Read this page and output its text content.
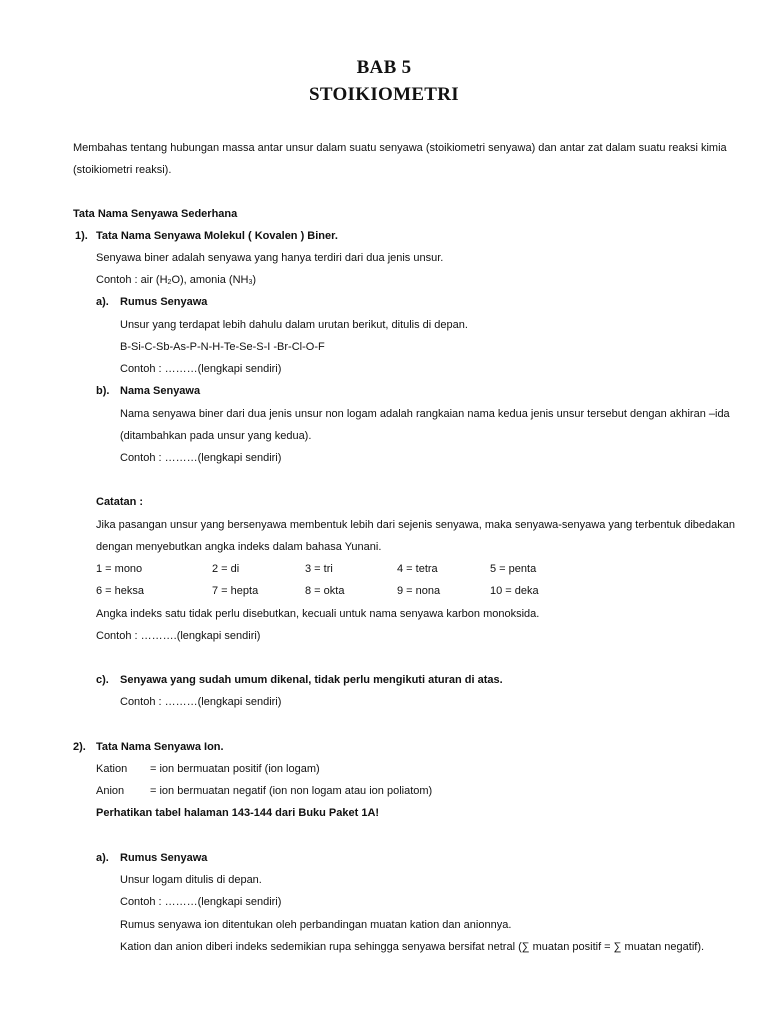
BAB 5
STOIKIOMETRI
Membahas tentang hubungan massa antar unsur dalam suatu senyawa (stoikiometri senyawa) dan antar zat dalam suatu reaksi kimia
(stoikiometri reaksi).
Tata Nama Senyawa Sederhana
1). Tata Nama Senyawa Molekul ( Kovalen ) Biner.
Senyawa biner adalah senyawa yang hanya terdiri dari dua jenis unsur.
Contoh : air $(H_2O)$, amonia $(NH_3)$
a). Rumus Senyawa
Unsur yang terdapat lebih dahulu dalam urutan berikut, ditulis di depan.
B-Si-C-Sb-As-P-N-H-Te-Se-S-I -Br-Cl-O-F
Contoh : ………(lengkapi sendiri)
b). Nama Senyawa
Nama senyawa biner dari dua jenis unsur non logam adalah rangkaian nama kedua jenis unsur tersebut dengan akhiran –ida
(ditambahkan pada unsur yang kedua).
Contoh : ………(lengkapi sendiri)
Catatan :
Jika pasangan unsur yang bersenyawa membentuk lebih dari sejenis senyawa, maka senyawa-senyawa yang terbentuk dibedakan
dengan menyebutkan angka indeks dalam bahasa Yunani.
1 = mono	2 = di	3 = tri	4 = tetra	5 = penta
6 = heksa	7 = hepta	8 = okta	9 = nona	10 = deka
Angka indeks satu tidak perlu disebutkan, kecuali untuk nama senyawa karbon monoksida.
Contoh : ……….(lengkapi sendiri)
c). Senyawa yang sudah umum dikenal, tidak perlu mengikuti aturan di atas.
Contoh : ………(lengkapi sendiri)
2). Tata Nama Senyawa Ion.
Kation = ion bermuatan positif (ion logam)
Anion = ion bermuatan negatif (ion non logam atau ion poliatom)
Perhatikan tabel halaman 143-144 dari Buku Paket 1A!
a). Rumus Senyawa
Unsur logam ditulis di depan.
Contoh : ………(lengkapi sendiri)
Rumus senyawa ion ditentukan oleh perbandingan muatan kation dan anionnya.
Kation dan anion diberi indeks sedemikian rupa sehingga senyawa bersifat netral (∑ muatan positif = ∑ muatan negatif).
